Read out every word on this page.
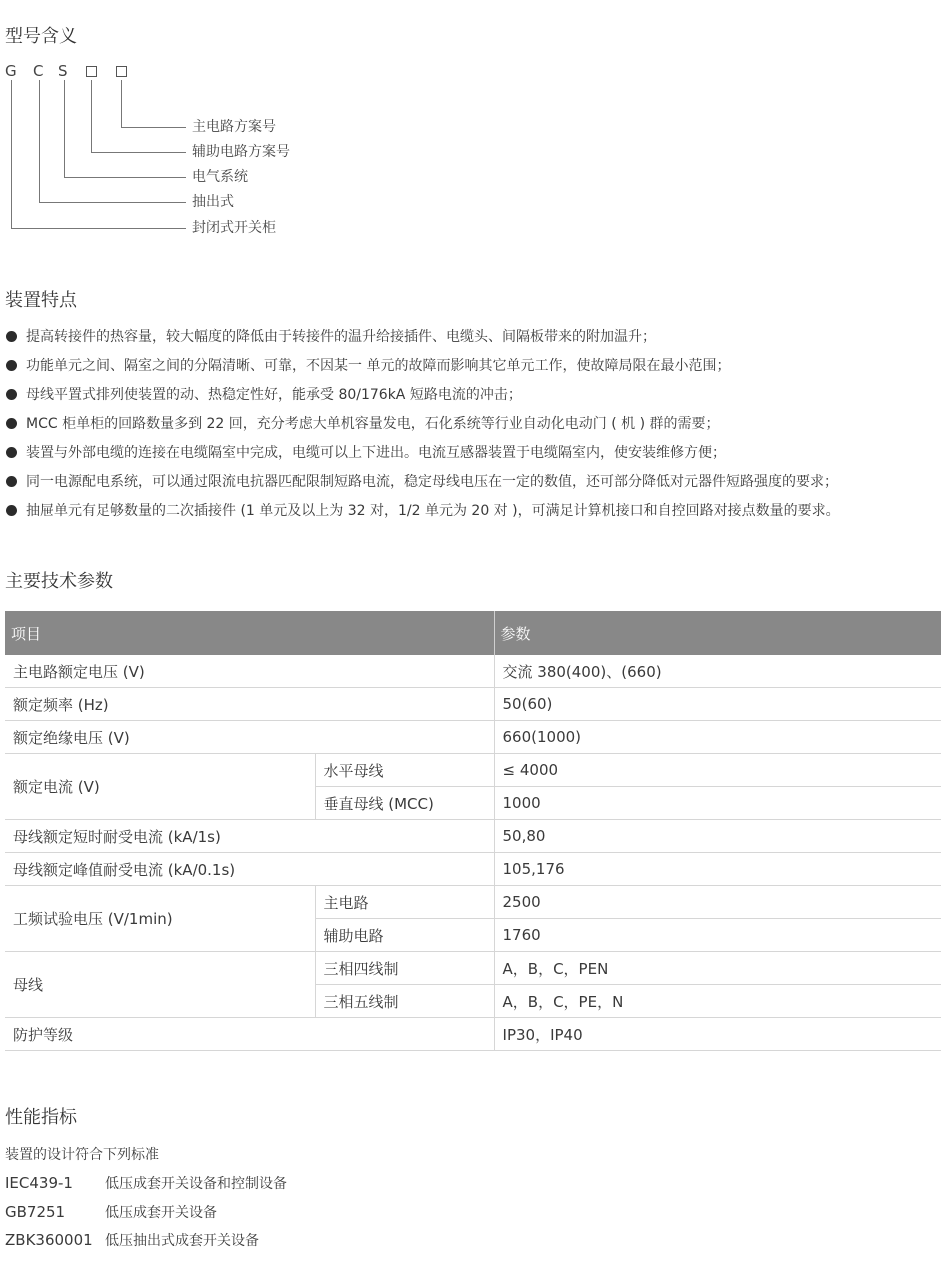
型号含义
G C S
主电路方案号
辅助电路方案号
电气系统
抽出式
封闭式开关柜
装置特点
提高转接件的热容量，较大幅度的降低由于转接件的温升给接插件、电缆头、间隔板带来的附加温升；
功能单元之间、隔室之间的分隔清晰、可靠，不因某一 单元的故障而影响其它单元工作，使故障局限在最小范围；
母线平置式排列使装置的动、热稳定性好，能承受 80/176kA 短路电流的冲击；
MCC 柜单柜的回路数量多到 22 回，充分考虑大单机容量发电，石化系统等行业自动化电动门 ( 机 ) 群的需要；
装置与外部电缆的连接在电缆隔室中完成，电缆可以上下进出。电流互感器装置于电缆隔室内，使安装维修方便；
同一电源配电系统，可以通过限流电抗器匹配限制短路电流，稳定母线电压在一定的数值，还可部分降低对元器件短路强度的要求；
抽屉单元有足够数量的二次插接件 (1 单元及以上为 32 对，1/2 单元为 20 对 )，可满足计算机接口和自控回路对接点数量的要求。
主要技术参数
项目		参数
主电路额定电压 (V)		交流 380(400)、(660)
额定频率 (Hz)		50(60)
额定绝缘电压 (V)		660(1000)
额定电流 (V)	水平母线	≤ 4000
	垂直母线 (MCC)	1000
母线额定短时耐受电流 (kA/1s)		50,80
母线额定峰值耐受电流 (kA/0.1s)		105,176
工频试验电压 (V/1min)	主电路	2500
	辅助电路	1760
母线	三相四线制	A，B，C，PEN
	三相五线制	A，B，C，PE，N
防护等级		IP30，IP40
性能指标
装置的设计符合下列标准
IEC439-1 低压成套开关设备和控制设备
GB7251	低压成套开关设备
ZBK360001 低压抽出式成套开关设备
